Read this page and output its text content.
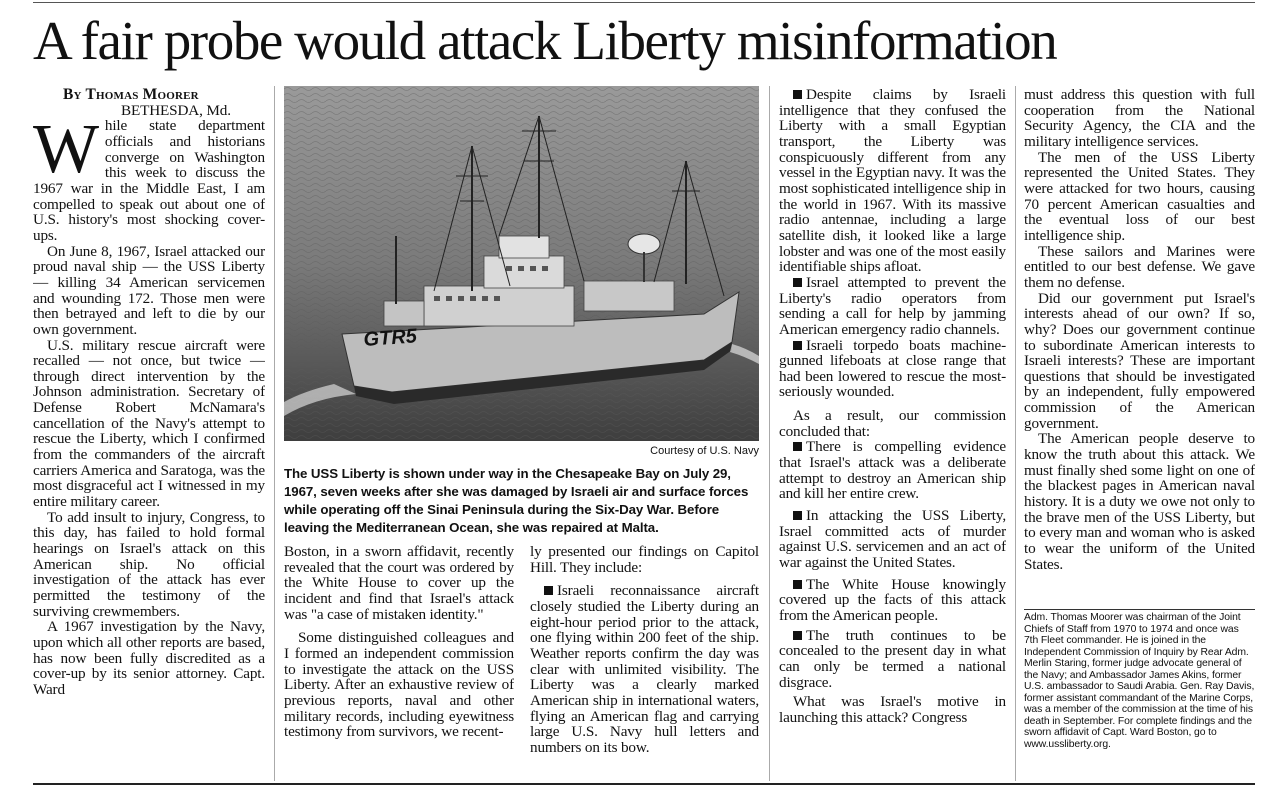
A fair probe would attack Liberty misinformation

By Thomas Moorer

BETHESDA, Md.

While state department officials and historians converge on Washington this week to discuss the 1967 war in the Middle East, I am compelled to speak out about one of U.S. history's most shocking cover-ups.

On June 8, 1967, Israel attacked our proud naval ship — the USS Liberty — killing 34 American servicemen and wounding 172. Those men were then betrayed and left to die by our own government.

U.S. military rescue aircraft were recalled — not once, but twice — through direct intervention by the Johnson administration. Secretary of Defense Robert McNamara's cancellation of the Navy's attempt to rescue the Liberty, which I confirmed from the commanders of the aircraft carriers America and Saratoga, was the most disgraceful act I witnessed in my entire military career.

To add insult to injury, Congress, to this day, has failed to hold formal hearings on Israel's attack on this American ship. No official investigation of the attack has ever permitted the testimony of the surviving crewmembers.

A 1967 investigation by the Navy, upon which all other reports are based, has now been fully discredited as a cover-up by its senior attorney. Capt. Ward

GTR5
Courtesy of U.S. Navy
The USS Liberty is shown under way in the Chesapeake Bay on July 29, 1967, seven weeks after she was damaged by Israeli air and surface forces while operating off the Sinai Peninsula during the Six-Day War. Before leaving the Mediterranean Ocean, she was repaired at Malta.

Boston, in a sworn affidavit, recently revealed that the court was ordered by the White House to cover up the incident and find that Israel's attack was "a case of mistaken identity."

Some distinguished colleagues and I formed an independent commission to investigate the attack on the USS Liberty. After an exhaustive review of previous reports, naval and other military records, including eyewitness testimony from survivors, we recent-

ly presented our findings on Capitol Hill. They include:

Israeli reconnaissance aircraft closely studied the Liberty during an eight-hour period prior to the attack, one flying within 200 feet of the ship. Weather reports confirm the day was clear with unlimited visibility. The Liberty was a clearly marked American ship in international waters, flying an American flag and carrying large U.S. Navy hull letters and numbers on its bow.

Despite claims by Israeli intelligence that they confused the Liberty with a small Egyptian transport, the Liberty was conspicuously different from any vessel in the Egyptian navy. It was the most sophisticated intelligence ship in the world in 1967. With its massive radio antennae, including a large satellite dish, it looked like a large lobster and was one of the most easily identifiable ships afloat.

Israel attempted to prevent the Liberty's radio operators from sending a call for help by jamming American emergency radio channels.

Israeli torpedo boats machine-gunned lifeboats at close range that had been lowered to rescue the most-seriously wounded.

As a result, our commission concluded that:

There is compelling evidence that Israel's attack was a deliberate attempt to destroy an American ship and kill her entire crew.

In attacking the USS Liberty, Israel committed acts of murder against U.S. servicemen and an act of war against the United States.

The White House knowingly covered up the facts of this attack from the American people.

The truth continues to be concealed to the present day in what can only be termed a national disgrace.

What was Israel's motive in launching this attack? Congress

must address this question with full cooperation from the National Security Agency, the CIA and the military intelligence services.

The men of the USS Liberty represented the United States. They were attacked for two hours, causing 70 percent American casualties and the eventual loss of our best intelligence ship.

These sailors and Marines were entitled to our best defense. We gave them no defense.

Did our government put Israel's interests ahead of our own? If so, why? Does our government continue to subordinate American interests to Israeli interests? These are important questions that should be investigated by an independent, fully empowered commission of the American government.

The American people deserve to know the truth about this attack. We must finally shed some light on one of the blackest pages in American naval history. It is a duty we owe not only to the brave men of the USS Liberty, but to every man and woman who is asked to wear the uniform of the United States.

Adm. Thomas Moorer was chairman of the Joint Chiefs of Staff from 1970 to 1974 and once was 7th Fleet commander. He is joined in the Independent Commission of Inquiry by Rear Adm. Merlin Staring, former judge advocate general of the Navy; and Ambassador James Akins, former U.S. ambassador to Saudi Arabia. Gen. Ray Davis, former assistant commandant of the Marine Corps, was a member of the commission at the time of his death in September. For complete findings and the sworn affidavit of Capt. Ward Boston, go to www.ussliberty.org.
